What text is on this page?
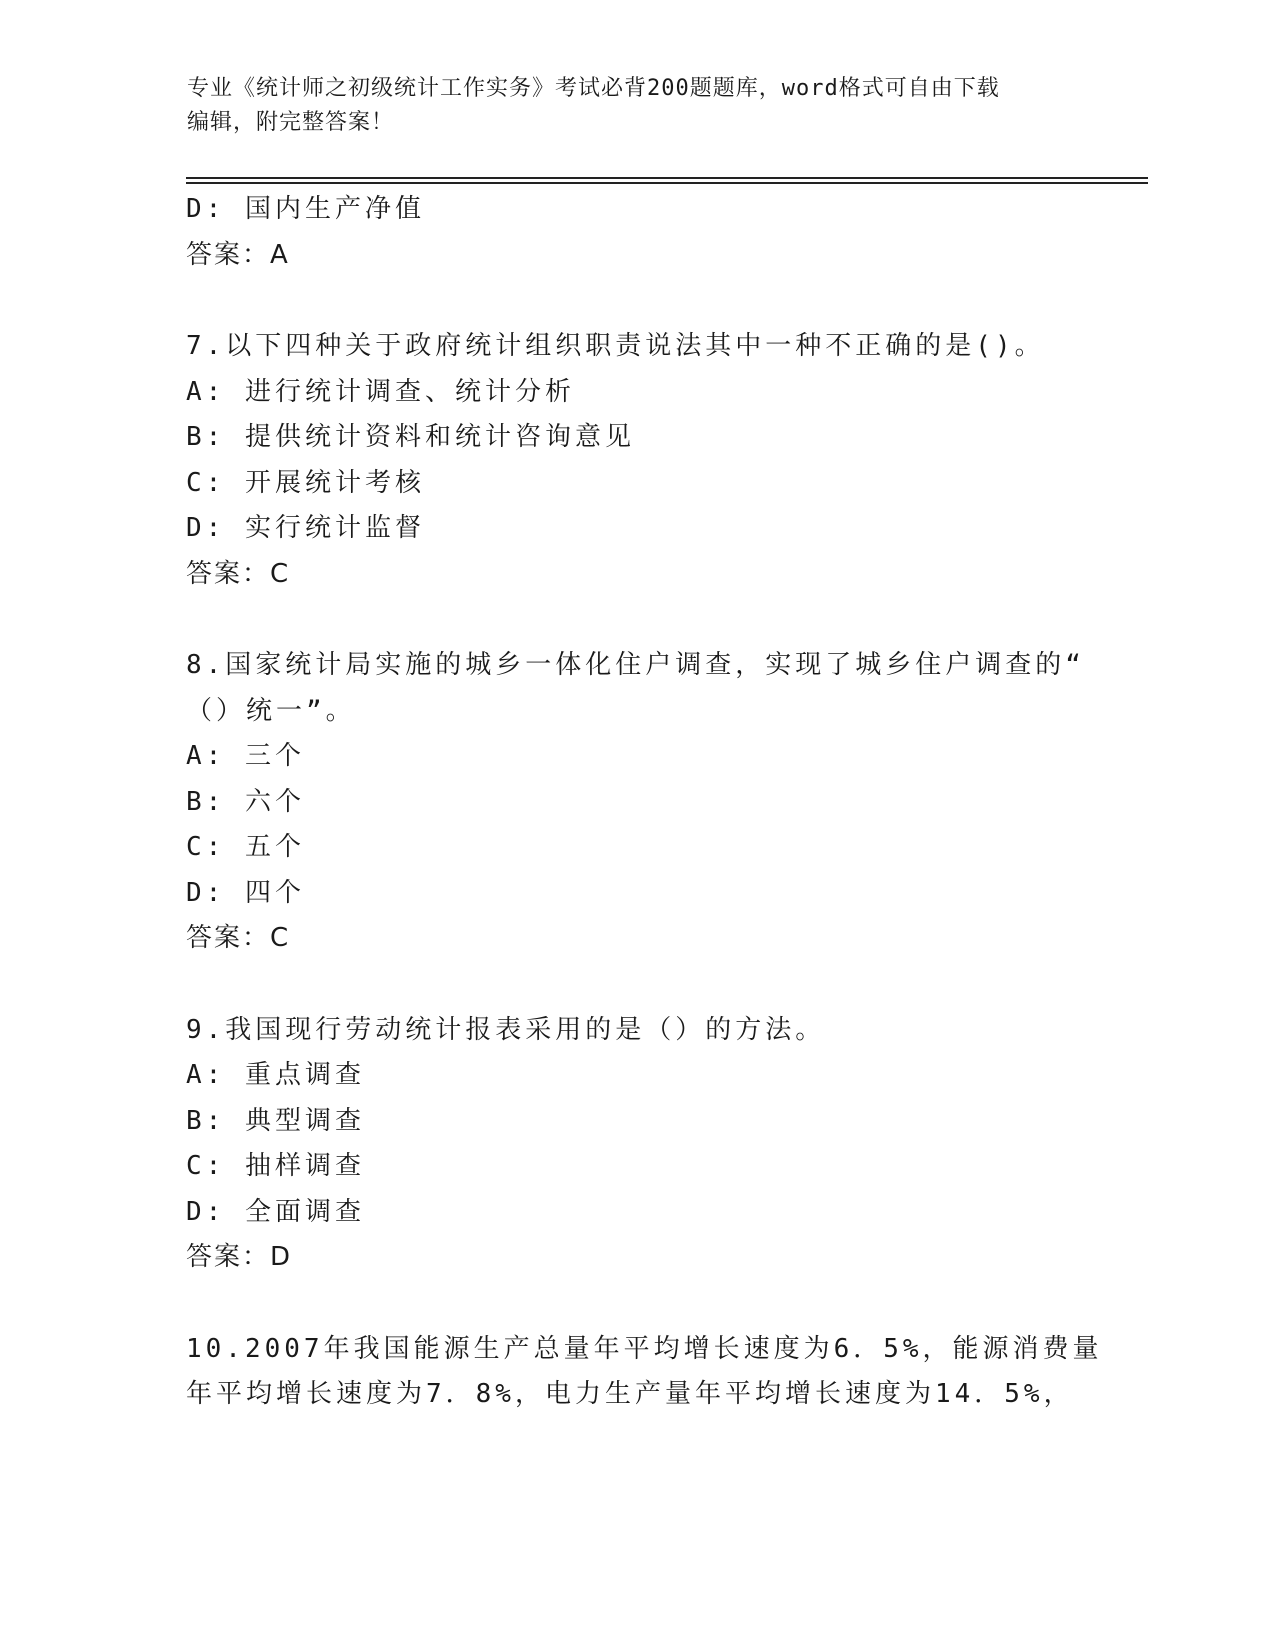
专业《统计师之初级统计工作实务》考试必背200题题库，word格式可自由下载
编辑，附完整答案！
D: 国内生产净值
答案：A
7.以下四种关于政府统计组织职责说法其中一种不正确的是()。
A: 进行统计调查、统计分析
B: 提供统计资料和统计咨询意见
C: 开展统计考核
D: 实行统计监督
答案：C
8.国家统计局实施的城乡一体化住户调查，实现了城乡住户调查的“
（）统一”。
A: 三个
B: 六个
C: 五个
D: 四个
答案：C
9.我国现行劳动统计报表采用的是（）的方法。
A: 重点调查
B: 典型调查
C: 抽样调查
D: 全面调查
答案：D
10.2007年我国能源生产总量年平均增长速度为6．5%，能源消费量
年平均增长速度为7．8%，电力生产量年平均增长速度为14．5%，
